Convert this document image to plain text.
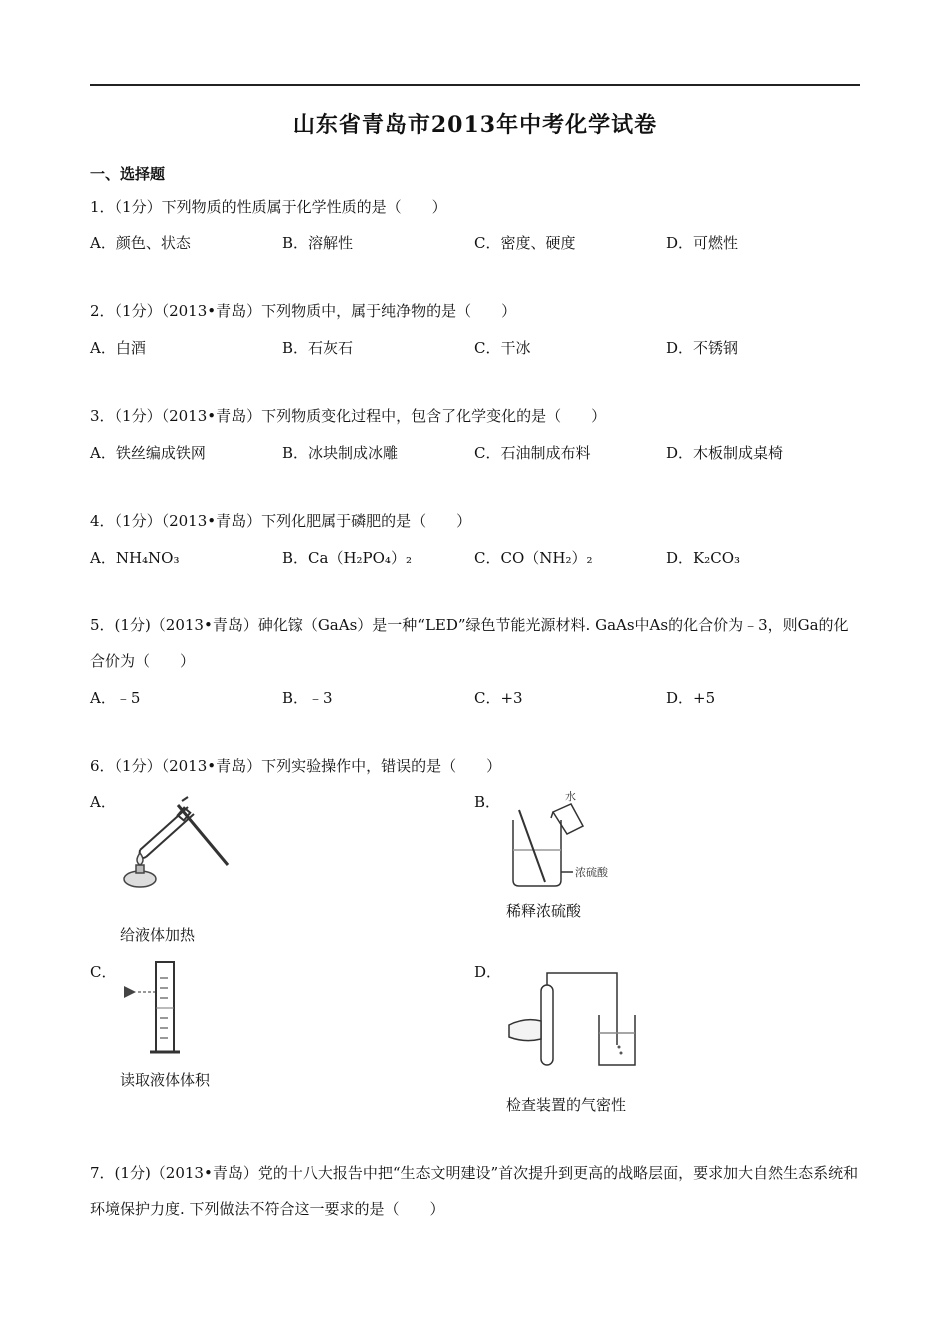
山东省青岛市2013年中考化学试卷
一、选择题
1．（1分）下列物质的性质属于化学性质的是（　　）
A．颜色、状态	B．溶解性	C．密度、硬度	D．可燃性
2．（1分）（2013•青岛）下列物质中，属于纯净物的是（　　）
A．白酒	B．石灰石	C．干冰	D．不锈钢
3．（1分）（2013•青岛）下列物质变化过程中，包含了化学变化的是（　　）
A．铁丝编成铁网	B．冰块制成冰雕	C．石油制成布料	D．木板制成桌椅
4．（1分）（2013•青岛）下列化肥属于磷肥的是（　　）
A．NH₄NO₃	B．Ca（H₂PO₄）₂	C．CO（NH₂）₂	D．K₂CO₃
5．(1分)（2013•青岛）砷化镓（GaAs）是一种“LED”绿色节能光源材料. GaAs中As的化合价为﹣3，则Ga的化合价为（　　）
A．﹣5	B．﹣3	C．+3	D．+5
6．（1分）（2013•青岛）下列实验操作中，错误的是（　　）
A．
给液体加热
B．
浓硫酸
水
稀释浓硫酸
C．
读取液体体积
D．
检查装置的气密性
7．(1分)（2013•青岛）党的十八大报告中把“生态文明建设”首次提升到更高的战略层面，要求加大自然生态系统和环境保护力度. 下列做法不符合这一要求的是（　　）
